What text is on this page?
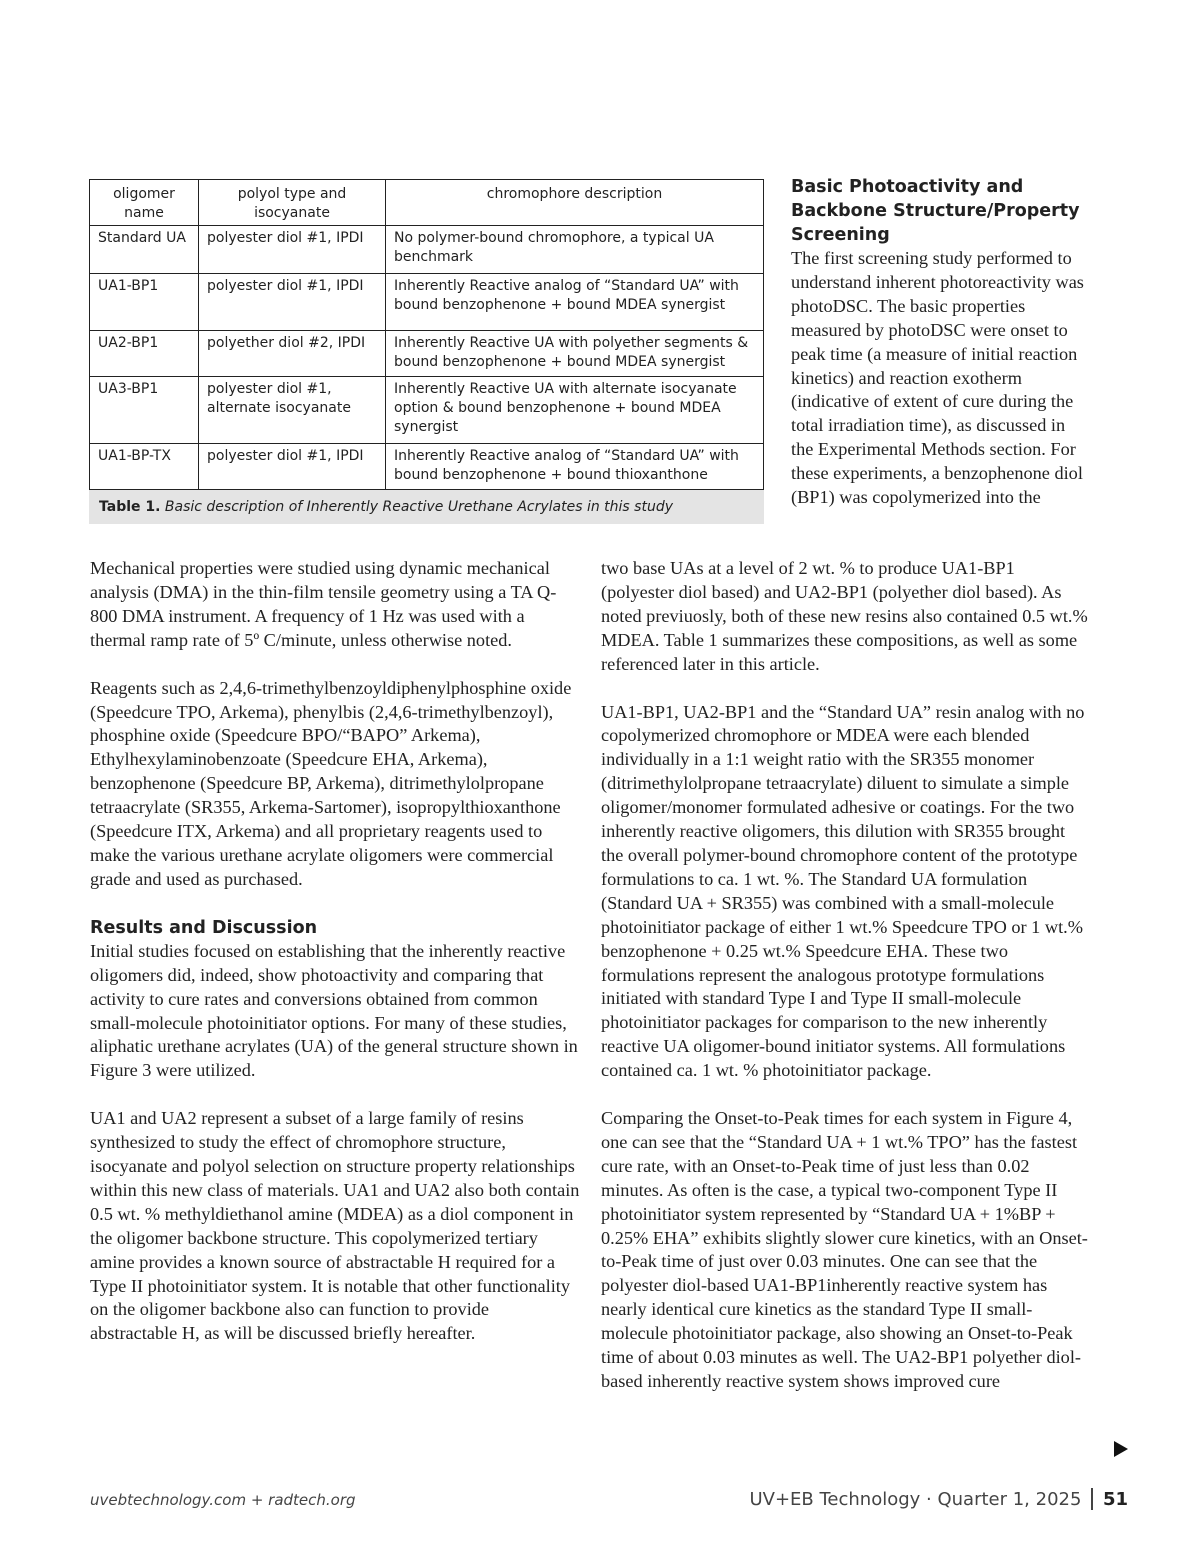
oligomer name	polyol type and isocyanate	chromophore description
Standard UA	polyester diol #1, IPDI	No polymer-bound chromophore, a typical UA benchmark
UA1-BP1	polyester diol #1, IPDI	Inherently Reactive analog of “Standard UA” with bound benzophenone + bound MDEA synergist
UA2-BP1	polyether diol #2, IPDI	Inherently Reactive UA with polyether segments & bound benzophenone + bound MDEA synergist
UA3-BP1	polyester diol #1, alternate isocyanate	Inherently Reactive UA with alternate isocyanate option & bound benzophenone + bound MDEA synergist
UA1-BP-TX	polyester diol #1, IPDI	Inherently Reactive analog of “Standard UA” with bound benzophenone + bound thioxanthone
Table 1. Basic description of Inherently Reactive Urethane Acrylates in this study
Basic Photoactivity and Backbone Structure/Property Screening

The first screening study performed to understand inherent photoreactivity was photoDSC. The basic properties measured by photoDSC were onset to peak time (a measure of initial reaction kinetics) and reaction exotherm (indicative of extent of cure during the total irradiation time), as discussed in the Experimental Methods section. For these experiments, a benzophenone diol (BP1) was copolymerized into the

Mechanical properties were studied using dynamic mechanical analysis (DMA) in the thin-film tensile geometry using a TA Q-800 DMA instrument. A frequency of 1 Hz was used with a thermal ramp rate of 5º C/minute, unless otherwise noted.

Reagents such as 2,4,6-trimethylbenzoyldiphenylphosphine oxide (Speedcure TPO, Arkema), phenylbis (2,4,6-trimethylbenzoyl), phosphine oxide (Speedcure BPO/“BAPO” Arkema), Ethylhexylaminobenzoate (Speedcure EHA, Arkema), benzophenone (Speedcure BP, Arkema), ditrimethylolpropane tetraacrylate (SR355, Arkema-Sartomer), isopropylthioxanthone (Speedcure ITX, Arkema) and all proprietary reagents used to make the various urethane acrylate oligomers were commercial grade and used as purchased.

Results and Discussion

Initial studies focused on establishing that the inherently reactive oligomers did, indeed, show photoactivity and comparing that activity to cure rates and conversions obtained from common small-molecule photoinitiator options. For many of these studies, aliphatic urethane acrylates (UA) of the general structure shown in Figure 3 were utilized.

UA1 and UA2 represent a subset of a large family of resins synthesized to study the effect of chromophore structure, isocyanate and polyol selection on structure property relationships within this new class of materials. UA1 and UA2 also both contain 0.5 wt. % methyldiethanol amine (MDEA) as a diol component in the oligomer backbone structure. This copolymerized tertiary amine provides a known source of abstractable H required for a Type II photoinitiator system. It is notable that other functionality on the oligomer backbone also can function to provide abstractable H, as will be discussed briefly hereafter.

two base UAs at a level of 2 wt. % to produce UA1-BP1 (polyester diol based) and UA2-BP1 (polyether diol based). As noted previuosly, both of these new resins also contained 0.5 wt.% MDEA. Table 1 summarizes these compositions, as well as some referenced later in this article.

UA1-BP1, UA2-BP1 and the “Standard UA” resin analog with no copolymerized chromophore or MDEA were each blended individually in a 1:1 weight ratio with the SR355 monomer (ditrimethylolpropane tetraacrylate) diluent to simulate a simple oligomer/monomer formulated adhesive or coatings. For the two inherently reactive oligomers, this dilution with SR355 brought the overall polymer-bound chromophore content of the prototype formulations to ca. 1 wt. %. The Standard UA formulation (Standard UA + SR355) was combined with a small-molecule photoinitiator package of either 1 wt.% Speedcure TPO or 1 wt.% benzophenone + 0.25 wt.% Speedcure EHA. These two formulations represent the analogous prototype formulations initiated with standard Type I and Type II small-molecule photoinitiator packages for comparison to the new inherently reactive UA oligomer-bound initiator systems. All formulations contained ca. 1 wt. % photoinitiator package.

Comparing the Onset-to-Peak times for each system in Figure 4, one can see that the “Standard UA + 1 wt.% TPO” has the fastest cure rate, with an Onset-to-Peak time of just less than 0.02 minutes. As often is the case, a typical two-component Type II photoinitiator system represented by “Standard UA + 1%BP + 0.25% EHA” exhibits slightly slower cure kinetics, with an Onset-to-Peak time of just over 0.03 minutes. One can see that the polyester diol-based UA1-BP1inherently reactive system has nearly identical cure kinetics as the standard Type II small-molecule photoinitiator package, also showing an Onset-to-Peak time of about 0.03 minutes as well. The UA2-BP1 polyether diol-based inherently reactive system shows improved cure

uvebtechnology.com + radtech.org	UV+EB Technology · Quarter 1, 2025 51
